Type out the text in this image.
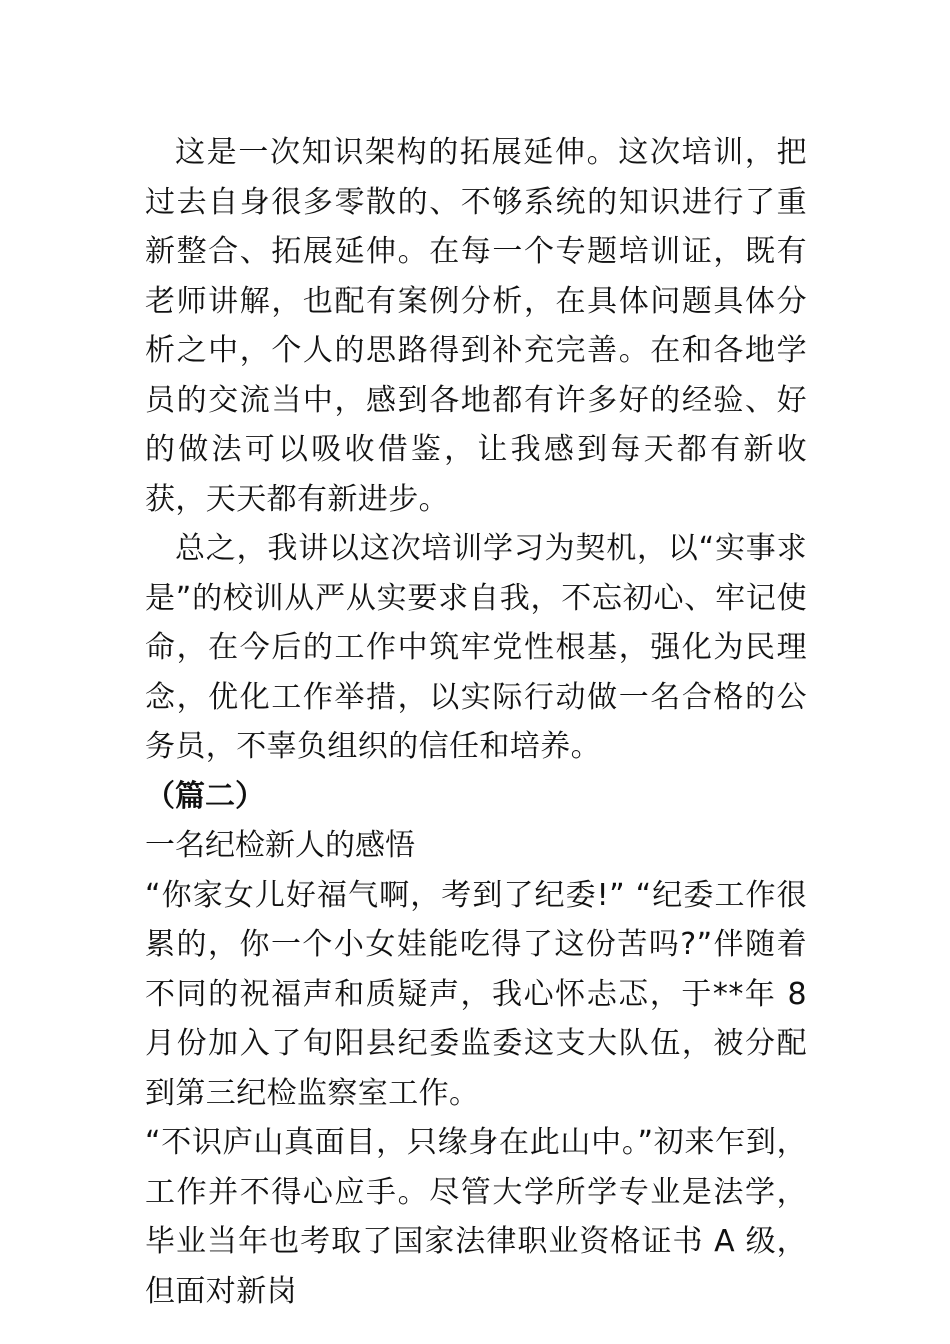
这是一次知识架构的拓展延伸。这次培训，把过去自身很多零散的、不够系统的知识进行了重新整合、拓展延伸。在每一个专题培训证，既有老师讲解，也配有案例分析，在具体问题具体分析之中，个人的思路得到补充完善。在和各地学员的交流当中，感到各地都有许多好的经验、好的做法可以吸收借鉴，让我感到每天都有新收获，天天都有新进步。

总之，我讲以这次培训学习为契机，以“实事求是”的校训从严从实要求自我，不忘初心、牢记使命，在今后的工作中筑牢党性根基，强化为民理念，优化工作举措，以实际行动做一名合格的公务员，不辜负组织的信任和培养。

（篇二）

一名纪检新人的感悟

“你家女儿好福气啊，考到了纪委!” “纪委工作很累的，你一个小女娃能吃得了这份苦吗?”伴随着不同的祝福声和质疑声，我心怀忐忑，于**年 8 月份加入了旬阳县纪委监委这支大队伍，被分配到第三纪检监察室工作。

“不识庐山真面目，只缘身在此山中。”初来乍到，工作并不得心应手。尽管大学所学专业是法学，毕业当年也考取了国家法律职业资格证书 A 级，但面对新岗
